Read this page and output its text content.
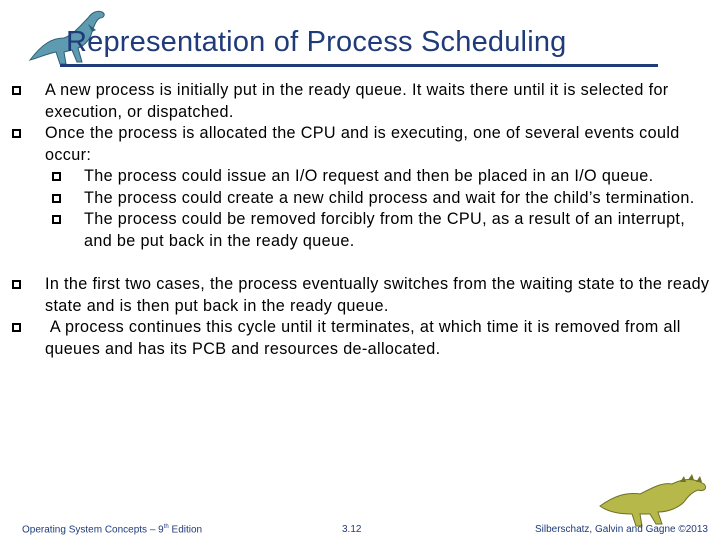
Representation of Process Scheduling

A new process is initially put in the ready queue. It waits there until it is selected for execution, or dispatched.

Once the process is allocated the CPU and is executing, one of several events could occur:

The process could issue an I/O request and then be placed in an I/O queue.

The process could create a new child process and wait for the child’s termination.

The process could be removed forcibly from the CPU, as a result of an interrupt, and be put back in the ready queue.

In the first two cases, the process eventually switches from the waiting state to the ready state and is then put back in the ready queue.

A process continues this cycle until it terminates, at which time it is removed from all queues and has its PCB and resources de-allocated.

Operating System Concepts – 9th Edition	3.12	Silberschatz, Galvin and Gagne ©2013
